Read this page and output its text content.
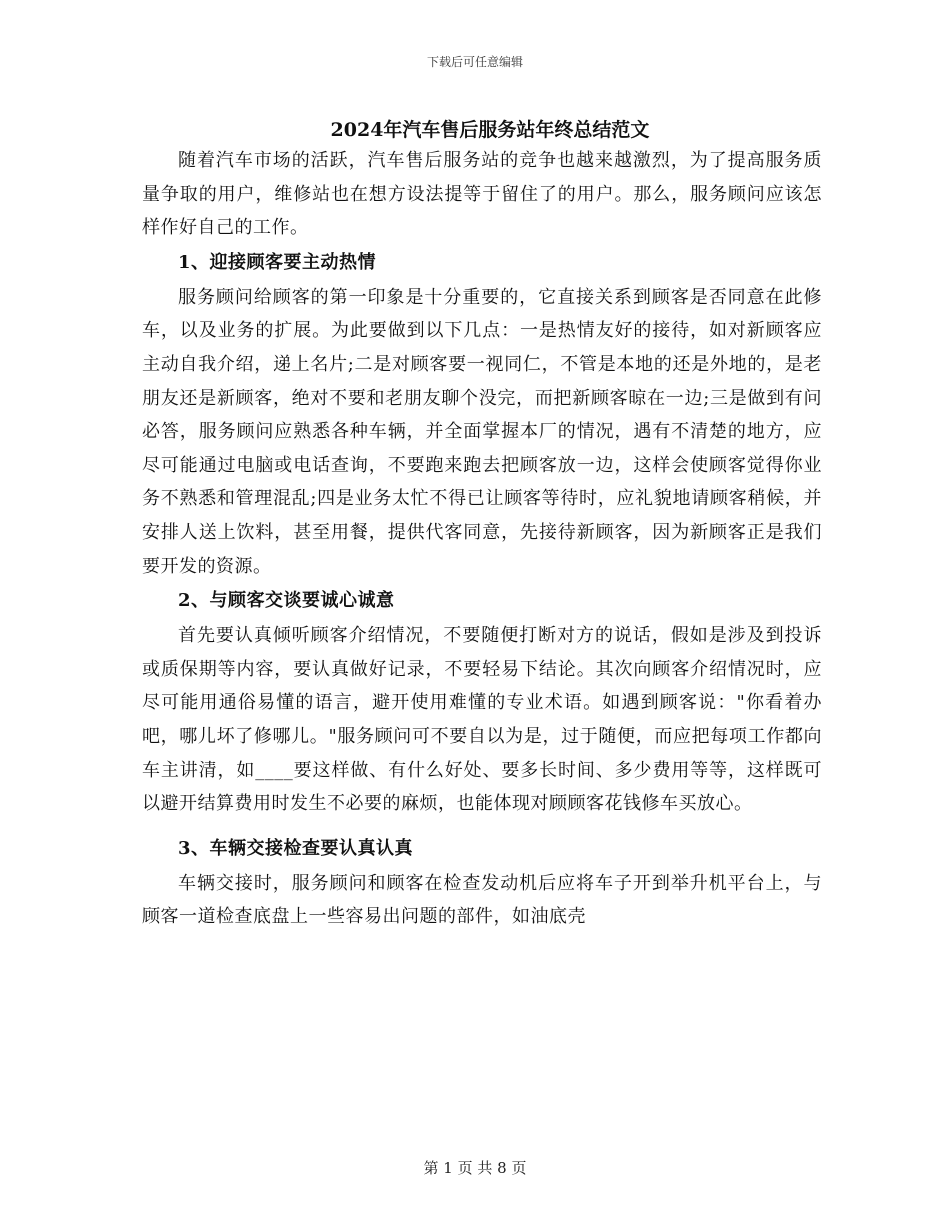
下载后可任意编辑
2024年汽车售后服务站年终总结范文

随着汽车市场的活跃，汽车售后服务站的竞争也越来越激烈，为了提高服务质量争取的用户，维修站也在想方设法提等于留住了的用户。那么，服务顾问应该怎样作好自己的工作。

1、迎接顾客要主动热情

服务顾问给顾客的第一印象是十分重要的，它直接关系到顾客是否同意在此修车，以及业务的扩展。为此要做到以下几点：一是热情友好的接待，如对新顾客应主动自我介绍，递上名片;二是对顾客要一视同仁，不管是本地的还是外地的，是老朋友还是新顾客，绝对不要和老朋友聊个没完，而把新顾客晾在一边;三是做到有问必答，服务顾问应熟悉各种车辆，并全面掌握本厂的情况，遇有不清楚的地方，应尽可能通过电脑或电话查询，不要跑来跑去把顾客放一边，这样会使顾客觉得你业务不熟悉和管理混乱;四是业务太忙不得已让顾客等待时，应礼貌地请顾客稍候，并安排人送上饮料，甚至用餐，提供代客同意，先接待新顾客，因为新顾客正是我们要开发的资源。

2、与顾客交谈要诚心诚意

首先要认真倾听顾客介绍情况，不要随便打断对方的说话，假如是涉及到投诉或质保期等内容，要认真做好记录，不要轻易下结论。其次向顾客介绍情况时，应尽可能用通俗易懂的语言，避开使用难懂的专业术语。如遇到顾客说："你看着办吧，哪儿坏了修哪儿。"服务顾问可不要自以为是，过于随便，而应把每项工作都向车主讲清，如____要这样做、有什么好处、要多长时间、多少费用等等，这样既可以避开结算费用时发生不必要的麻烦，也能体现对顾顾客花钱修车买放心。

3、车辆交接检查要认真认真

车辆交接时，服务顾问和顾客在检查发动机后应将车子开到举升机平台上，与顾客一道检查底盘上一些容易出问题的部件，如油底壳

第 1 页 共 8 页
